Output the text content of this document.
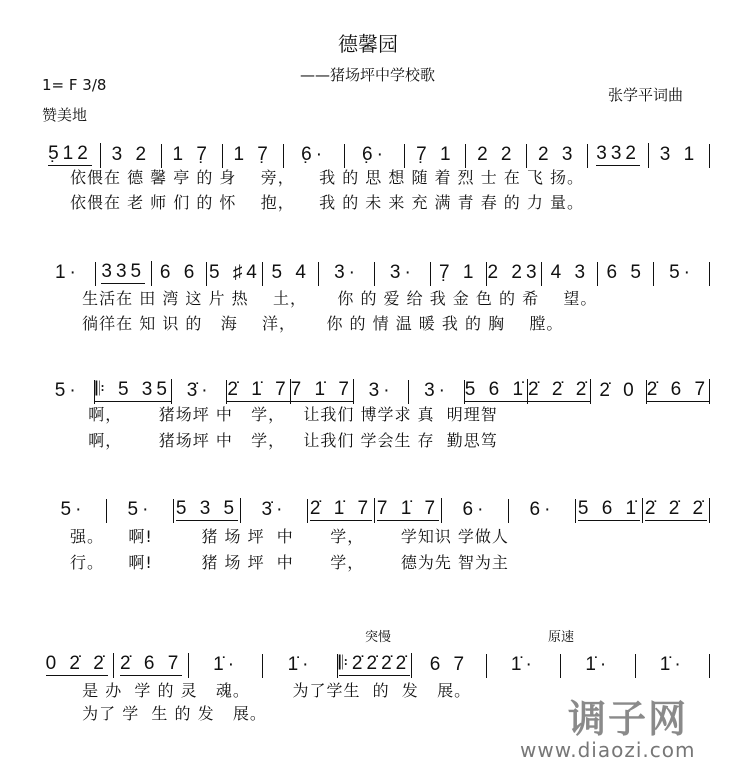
德馨园
——猪场坪中学校歌
1= F 3/8
赞美地
张学平词曲
5̣12	3 2	1 7̣	1 7̣	6̣·	6̣·	7̣ 1	2 2	2 3	332	3 1
依偎在 德 馨 亭 的 身    旁，    我 的 思 想 随 着 烈 士 在 飞 扬。
依偎在 老 师 们 的 怀    抱，    我 的 未 来 充 满 青 春 的 力 量。
1·	335 6 6 5 ♯4 5 4	3·	3·	7̣ 1 2 23 4 3 6 5	5·
生活在 田 湾 这 片 热    土，     你 的 爱 给 我 金 色 的 希    望。
徜徉在 知 识 的   海    洋，     你 的 情 温 暖 我 的 胸    膛。
5· 𝄆 5 35 3̇· 2̇ 1̇ 7 7 1̇ 7 3·	3· 5 6 1̇ 2̇ 2̇ 2̇ 2̇ 0 2̇ 6 7
啊，      猪场坪 中   学，   让我们 博学求 真  明理智
啊，      猪场坪 中   学，   让我们 学会生 存  勤思笃
5·	5·	5 3 5	3̇·	2̇ 1̇ 7 7 1̇ 7	6·	6·	5 6 1̇ 2̇ 2̇ 2̇
强。    啊!        猪 场 坪  中      学，      学知识 学做人
行。    啊!        猪 场 坪  中      学，      德为先 智为主
0 2̇ 2̇ 2̇ 6 7	1̇·	1̇·	𝄆2̇2̇2̇2̇	6 7	1̇·	1̇·	1̇·
是 办  学 的 灵   魂。       为了学生  的  发   展。
为了 学  生 的 发   展。
突慢	原速
调子网
www.diaozi.com
